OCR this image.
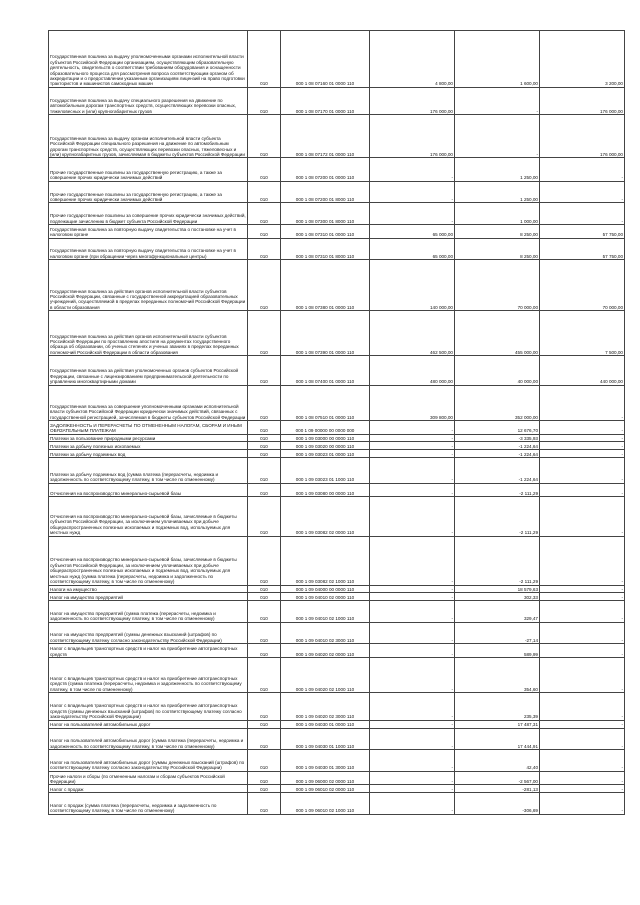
Государственная пошлина за выдачу уполномоченными органами исполнительной власти субъектов Российской Федерации организациям, осуществляющим образовательную деятельность, свидетельств о соответствии требованиям оборудования и оснащенности образовательного процесса для рассмотрения вопроса соответствующим органом об аккредитации и о предоставлении указанным организациям лицензий на право подготовки трактористов и машинистов самоходных машин	010	000 1 08 07160 01 0000 110	4 800,00	1 600,00	3 200,00
Государственная пошлина за выдачу специального разрешения на движение по автомобильным дорогам транспортных средств, осуществляющих перевозки опасных, тяжеловесных и (или) крупногабаритных грузов	010	000 1 08 07170 01 0000 110	176 000,00	-	176 000,00
Государственная пошлина за выдачу органом исполнительной власти субъекта Российской Федерации специального разрешения на движение по автомобильным дорогам транспортных средств, осуществляющих перевозки опасных, тяжеловесных и (или) крупногабаритных грузов, зачисляемая в бюджеты субъектов Российской Федерации	010	000 1 08 07172 01 0000 110	176 000,00	-	176 000,00
Прочие государственные пошлины за государственную регистрацию, а также за совершение прочих юридически значимых действий	010	000 1 08 07200 01 0000 110	-	1 250,00	-
Прочие государственные пошлины за государственную регистрацию, а также за совершение прочих юридически значимых действий	010	000 1 08 07200 01 8000 110	-	1 250,00	-
Прочие государственные пошлины за совершение прочих юридически значимых действий, подлежащие зачислению в бюджет субъекта Российской Федерации	010	000 1 08 07300 01 8000 110	-	1 000,00	-
Государственная пошлина за повторную выдачу свидетельства о постановке на учет в налоговом органе	010	000 1 08 07310 01 0000 110	65 000,00	8 250,00	57 750,00
Государственная пошлина за повторную выдачу свидетельства о постановке на учет в налоговом органе (при обращении через многофункциональные центры)	010	000 1 08 07310 01 8000 110	65 000,00	8 250,00	57 750,00
Государственная пошлина за действия органов исполнительной власти субъектов Российской Федерации, связанные с государственной аккредитацией образовательных учреждений, осуществляемой в пределах переданных полномочий Российской Федерации в области образования	010	000 1 08 07380 01 0000 110	140 000,00	70 000,00	70 000,00
Государственная пошлина за действия органов исполнительной власти субъектов Российской Федерации по проставлению апостиля на документах государственного образца об образовании, об ученых степенях и ученых званиях в пределах переданных полномочий Российской Федерации в области образования	010	000 1 08 07390 01 0000 110	462 500,00	455 000,00	7 500,00
Государственная пошлина за действия уполномоченных органов субъектов Российской Федерации, связанные с лицензированием предпринимательской деятельности по управлению многоквартирными домами	010	000 1 08 07400 01 0000 110	480 000,00	40 000,00	440 000,00
Государственная пошлина за совершение уполномоченными органами исполнительной власти субъектов Российской Федерации юридически значимых действий, связанных с государственной регистрацией, зачисляемая в бюджеты субъектов Российской Федерации	010	000 1 08 07510 01 0000 110	309 800,00	352 000,00	-
ЗАДОЛЖЕННОСТЬ И ПЕРЕРАСЧЕТЫ ПО ОТМЕНЕННЫМ НАЛОГАМ, СБОРАМ И ИНЫМ ОБЯЗАТЕЛЬНЫМ ПЛАТЕЖАМ	010	000 1 09 00000 00 0000 000	-	12 676,70	-
Платежи за пользование природными ресурсами	010	000 1 09 03000 00 0000 110	-	-3 335,93	-
Платежи за добычу полезных ископаемых	010	000 1 09 03020 00 0000 110	-	-1 224,64	-
Платежи за добычу подземных вод	010	000 1 09 03023 01 0000 110	-	-1 224,64	-
Платежи за добычу подземных вод (сумма платежа (перерасчеты, недоимка и задолженность по соответствующему платежу, в том числе по отмененному)	010	000 1 09 03023 01 1000 110	-	-1 224,64	-
Отчисления на воспроизводство минерально-сырьевой базы	010	000 1 09 03080 00 0000 110	-	-2 111,29	-
Отчисления на воспроизводство минерально-сырьевой базы, зачисляемые в бюджеты субъектов Российской Федерации, за исключением уплачиваемых при добыче общераспространенных полезных ископаемых и подземных вод, используемых для местных нужд	010	000 1 09 03082 02 0000 110	-	-2 111,29	-
Отчисления на воспроизводство минерально-сырьевой базы, зачисляемые в бюджеты субъектов Российской Федерации, за исключением уплачиваемых при добыче общераспространенных полезных ископаемых и подземных вод, используемых для местных нужд (сумма платежа (перерасчеты, недоимка и задолженность по соответствующему платежу, в том числе по отмененному)	010	000 1 09 03082 02 1000 110	-	-2 111,29	-
Налоги на имущество	010	000 1 09 04000 00 0000 110	-	18 579,63	-
Налог на имущество предприятий	010	000 1 09 04010 02 0000 110	-	302,33	-
Налог на имущество предприятий (сумма платежа (перерасчеты, недоимка и задолженность по соответствующему платежу, в том числе по отмененному)	010	000 1 09 04010 02 1000 110	-	329,47	-
Налог на имущество предприятий (суммы денежных взысканий (штрафов) по соответствующему платежу согласно законодательству Российской Федерации)	010	000 1 09 04010 02 3000 110	-	-27,14	-
Налог с владельцев транспортных средств и налог на приобретение автотранспортных средств	010	000 1 09 04020 02 0000 110	-	589,99	-
Налог с владельцев транспортных средств и налог на приобретение автотранспортных средств (сумма платежа (перерасчеты, недоимка и задолженность по соответствующему платежу, в том числе по отмененному)	010	000 1 09 04020 02 1000 110	-	354,60	-
Налог с владельцев транспортных средств и налог на приобретение автотранспортных средств (суммы денежных взысканий (штрафов) по соответствующему платежу согласно законодательству Российской Федерации)	010	000 1 09 04020 02 3000 110	-	235,39	-
Налог на пользователей автомобильных дорог	010	000 1 09 04030 01 0000 110	-	17 487,31	-
Налог на пользователей автомобильных дорог (сумма платежа (перерасчеты, недоимка и задолженность по соответствующему платежу, в том числе по отмененному)	010	000 1 09 04030 01 1000 110	-	17 444,91	-
Налог на пользователей автомобильных дорог (суммы денежных взысканий (штрафов) по соответствующему платежу согласно законодательству Российской Федерации)	010	000 1 09 04030 01 3000 110	-	42,40	-
Прочие налоги и сборы (по отмененным налогам и сборам субъектов Российской Федерации)	010	000 1 09 06000 02 0000 110	-	-2 567,00	-
Налог с продаж	010	000 1 09 06010 02 0000 110	-	-281,13	-
Налог с продаж (сумма платежа (перерасчеты, недоимка и задолженность по соответствующему платежу, в том числе по отмененному)	010	000 1 09 06010 02 1000 110	-	-306,69	-
